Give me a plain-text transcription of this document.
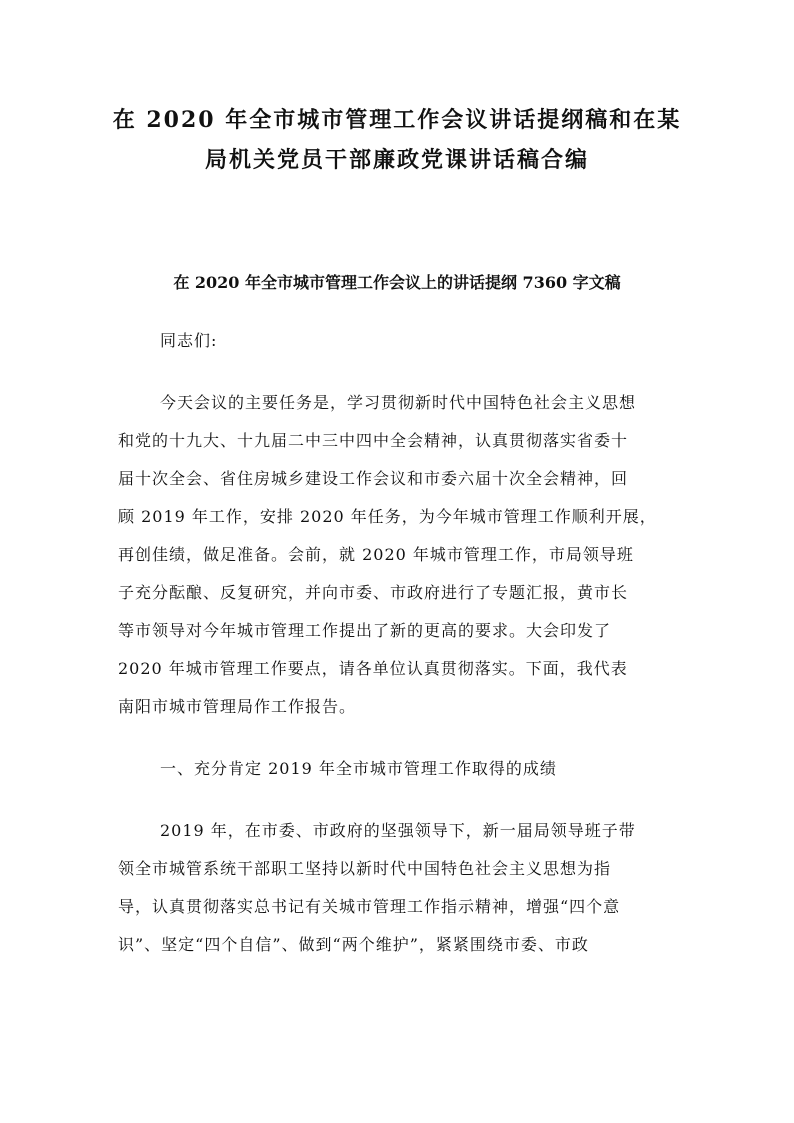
在 2020 年全市城市管理工作会议讲话提纲稿和在某
局机关党员干部廉政党课讲话稿合编
在 2020 年全市城市管理工作会议上的讲话提纲 7360 字文稿
同志们:
今天会议的主要任务是，学习贯彻新时代中国特色社会主义思想
和党的十九大、十九届二中三中四中全会精神，认真贯彻落实省委十
届十次全会、省住房城乡建设工作会议和市委六届十次全会精神，回
顾 2019 年工作，安排 2020 年任务，为今年城市管理工作顺利开展，
再创佳绩，做足准备。会前，就 2020 年城市管理工作，市局领导班
子充分酝酿、反复研究，并向市委、市政府进行了专题汇报，黄市长
等市领导对今年城市管理工作提出了新的更高的要求。大会印发了
2020 年城市管理工作要点，请各单位认真贯彻落实。下面，我代表
南阳市城市管理局作工作报告。
一、充分肯定 2019 年全市城市管理工作取得的成绩
2019 年，在市委、市政府的坚强领导下，新一届局领导班子带
领全市城管系统干部职工坚持以新时代中国特色社会主义思想为指
导，认真贯彻落实总书记有关城市管理工作指示精神，增强“四个意
识”、坚定“四个自信”、做到“两个维护”，紧紧围绕市委、市政
